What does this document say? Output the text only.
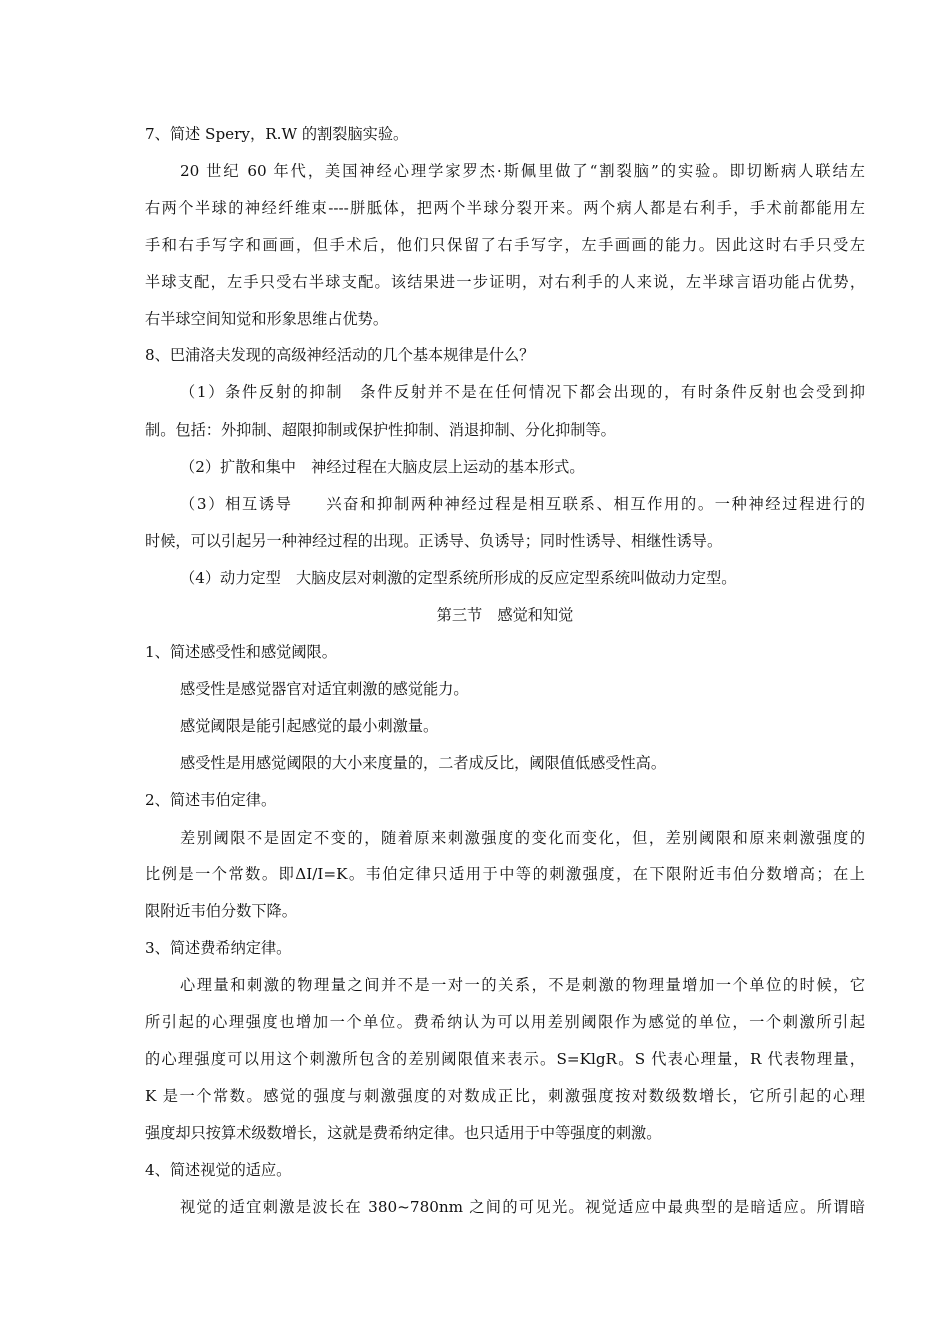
7、简述 Spery，R.W 的割裂脑实验。
20 世纪 60 年代，美国神经心理学家罗杰·斯佩里做了“割裂脑”的实验。即切断病人联结左
右两个半球的神经纤维束----胼胝体，把两个半球分裂开来。两个病人都是右利手，手术前都能用左
手和右手写字和画画，但手术后，他们只保留了右手写字，左手画画的能力。因此这时右手只受左
半球支配，左手只受右半球支配。该结果进一步证明，对右利手的人来说，左半球言语功能占优势，
右半球空间知觉和形象思维占优势。
8、巴浦洛夫发现的高级神经活动的几个基本规律是什么？
（1）条件反射的抑制　条件反射并不是在任何情况下都会出现的，有时条件反射也会受到抑
制。包括：外抑制、超限抑制或保护性抑制、消退抑制、分化抑制等。
（2）扩散和集中　神经过程在大脑皮层上运动的基本形式。
（3）相互诱导　　兴奋和抑制两种神经过程是相互联系、相互作用的。一种神经过程进行的
时候，可以引起另一种神经过程的出现。正诱导、负诱导；同时性诱导、相继性诱导。
（4）动力定型　大脑皮层对刺激的定型系统所形成的反应定型系统叫做动力定型。
第三节　感觉和知觉
1、简述感受性和感觉阈限。
感受性是感觉器官对适宜刺激的感觉能力。
感觉阈限是能引起感觉的最小刺激量。
感受性是用感觉阈限的大小来度量的，二者成反比，阈限值低感受性高。
2、简述韦伯定律。
差别阈限不是固定不变的，随着原来刺激强度的变化而变化，但，差别阈限和原来刺激强度的
比例是一个常数。即ΔI/I=K。韦伯定律只适用于中等的刺激强度，在下限附近韦伯分数增高；在上
限附近韦伯分数下降。
3、简述费希纳定律。
心理量和刺激的物理量之间并不是一对一的关系，不是刺激的物理量增加一个单位的时候，它
所引起的心理强度也增加一个单位。费希纳认为可以用差别阈限作为感觉的单位，一个刺激所引起
的心理强度可以用这个刺激所包含的差别阈限值来表示。S=KlgR。S 代表心理量，R 代表物理量，
K 是一个常数。感觉的强度与刺激强度的对数成正比，刺激强度按对数级数增长，它所引起的心理
强度却只按算术级数增长，这就是费希纳定律。也只适用于中等强度的刺激。
4、简述视觉的适应。
视觉的适宜刺激是波长在 380~780nm 之间的可见光。视觉适应中最典型的是暗适应。所谓暗
